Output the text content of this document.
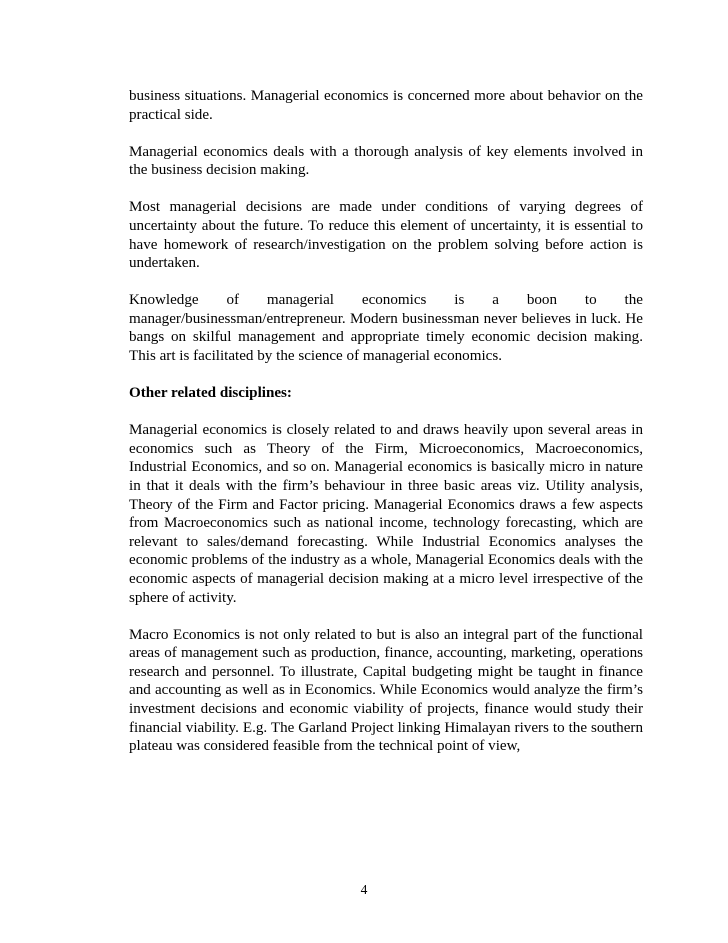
business situations. Managerial economics is concerned more about behavior on the practical side.

Managerial economics deals with a thorough analysis of key elements involved in the business decision making.

Most managerial decisions are made under conditions of varying degrees of uncertainty about the future. To reduce this element of uncertainty, it is essential to have homework of research/investigation on the problem solving before action is undertaken.

Knowledge of managerial economics is a boon to the manager/businessman/entrepreneur. Modern businessman never believes in luck. He bangs on skilful management and appropriate timely economic decision making. This art is facilitated by the science of managerial economics.

Other related disciplines:

Managerial economics is closely related to and draws heavily upon several areas in economics such as Theory of the Firm, Microeconomics, Macroeconomics, Industrial Economics, and so on. Managerial economics is basically micro in nature in that it deals with the firm’s behaviour in three basic areas viz. Utility analysis, Theory of the Firm and Factor pricing. Managerial Economics draws a few aspects from Macroeconomics such as national income, technology forecasting, which are relevant to sales/demand forecasting. While Industrial Economics analyses the economic problems of the industry as a whole, Managerial Economics deals with the economic aspects of managerial decision making at a micro level irrespective of the sphere of activity.

Macro Economics is not only related to but is also an integral part of the functional areas of management such as production, finance, accounting, marketing, operations research and personnel. To illustrate, Capital budgeting might be taught in finance and accounting as well as in Economics. While Economics would analyze the firm’s investment decisions and economic viability of projects, finance would study their financial viability. E.g. The Garland Project linking Himalayan rivers to the southern plateau was considered feasible from the technical point of view,

4
